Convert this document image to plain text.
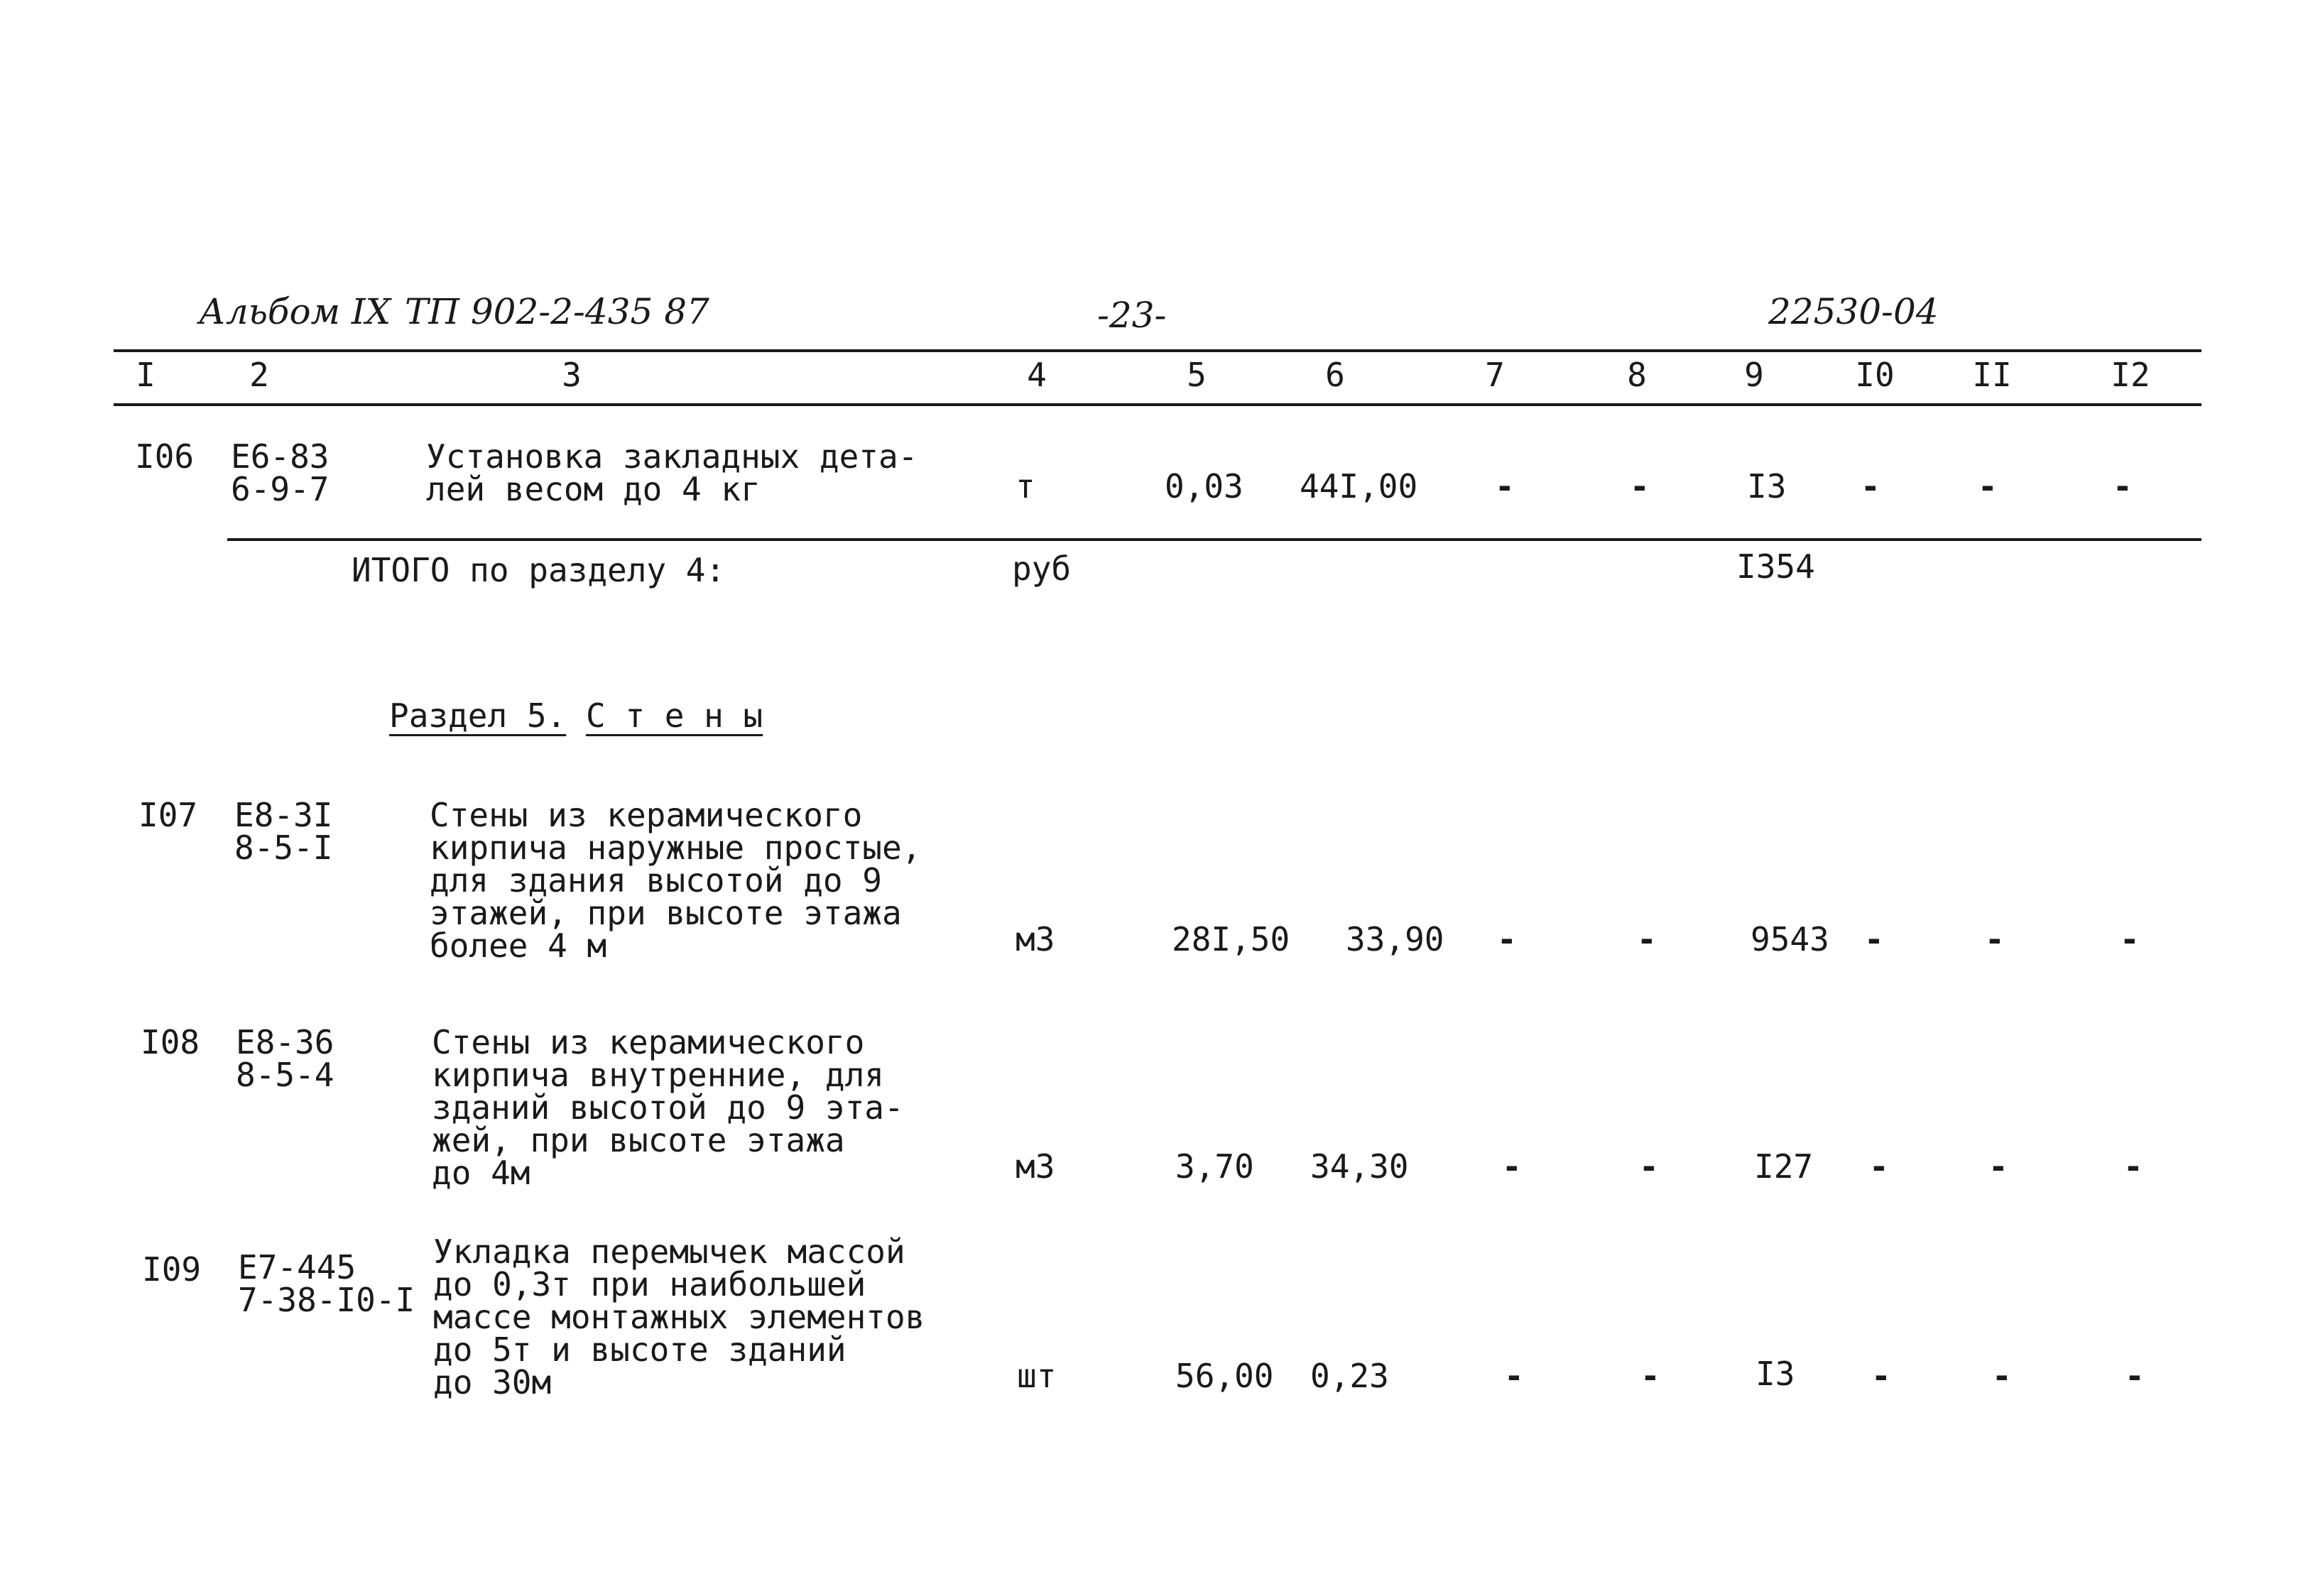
Альбом IX ТП 902-2-435 87	-23-	22530-04
I	2	3	4	5	6	7	8	9	I0 II	I2
I06 Е6-83
6-9-7
Установка закладных дета-
лей весом до 4 кг	т	0,03 44I,00 -	-	I3 -	-	-
ИТОГО по разделу 4:	руб	I354
Раздел 5. С т е н ы
I07 Е8-3I
8-5-I
Стены из керамического
кирпича наружные простые,
для здания высотой до 9
этажей, при высоте этажа
более 4 м	м3	28I,50 33,90 -	-	9543 -	-	-
I08 Е8-36
8-5-4
Стены из керамического
кирпича внутренние, для
зданий высотой до 9 эта-
жей, при высоте этажа
до 4м	м3	3,70 34,30	-	-	I27 -	-	-
I09 Е7-445
7-38-I0-I
Укладка перемычек массой
до 0,3т при наибольшей
массе монтажных элементов
до 5т и высоте зданий
до 30м	шт	56,00 0,23	-	-	I3 -	-	-
